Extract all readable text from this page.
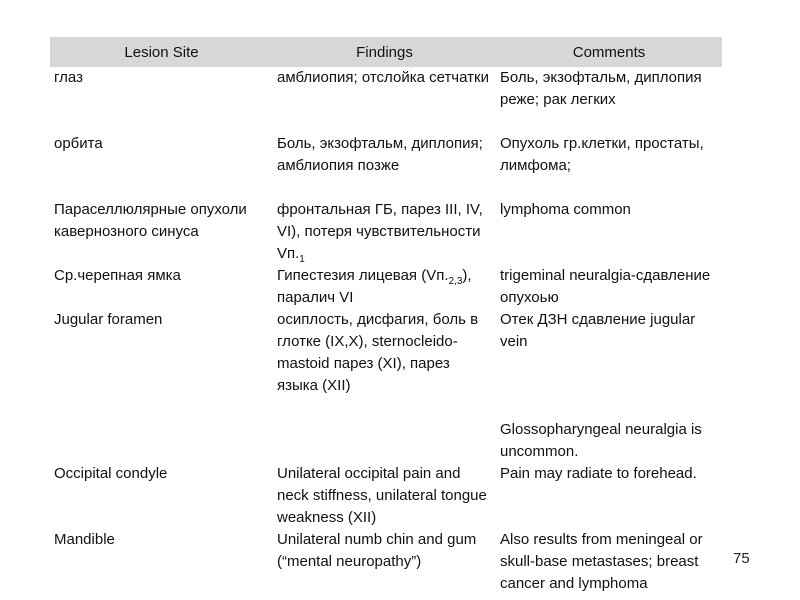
Lesion Site	Findings	Comments
глаз	амблиопия; отслойка сетчатки	Боль, экзофтальм, диплопия реже; рак легких
орбита	Боль, экзофтальм, диплопия; амблиопия позже	Опухоль гр.клетки, простаты, лимфома;
Параселлюлярные опухоли кавернозного синуса	фронтальная ГБ, парез III, IV, VI), потеря чувствительности $Vп._1$	lymphoma common
Ср.черепная ямка	Гипестезия лицевая $(Vп._{2,3})$, паралич VI	trigeminal neuralgia-сдавление опухоью
Jugular foramen	осиплость, дисфагия, боль в глотке (IX,X), sternocleido- mastoid парез (XI), парез языка (XII)	Отек ДЗН сдавление jugular vein
		Glossopharyngeal neuralgia is uncommon.
Occipital condyle	Unilateral occipital pain and neck stiffness, unilateral tongue weakness (XII)	Pain may radiate to forehead.
Mandible	Unilateral numb chin and gum (“mental neuropathy”)	Also results from meningeal or skull-base metastases; breast cancer and lymphoma
75
